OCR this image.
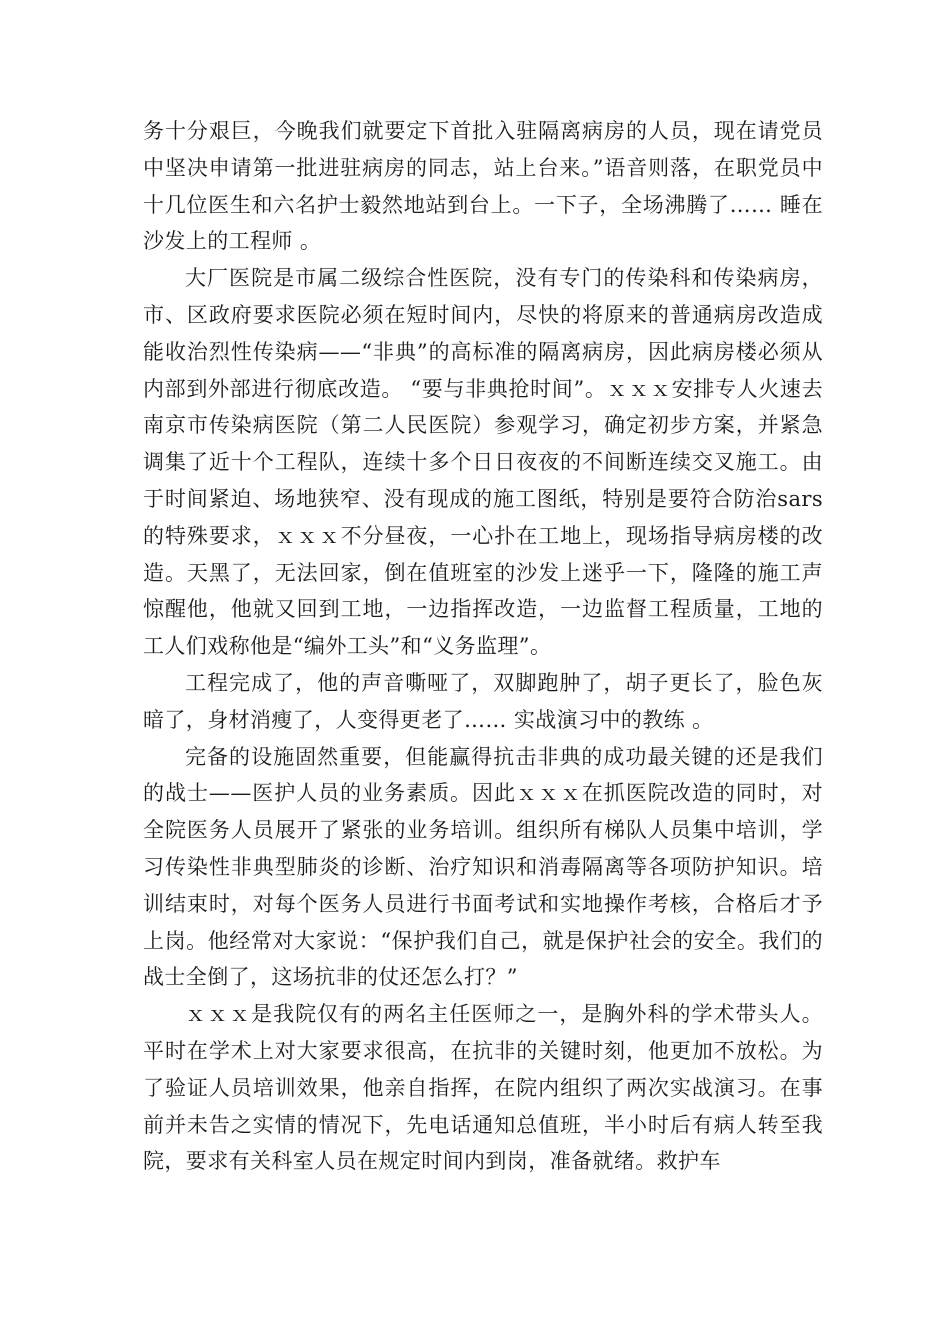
务十分艰巨，今晚我们就要定下首批入驻隔离病房的人员，现在请党员中坚决申请第一批进驻病房的同志，站上台来。”语音则落，在职党员中十几位医生和六名护士毅然地站到台上。一下子，全场沸腾了…… 睡在沙发上的工程师 。

大厂医院是市属二级综合性医院，没有专门的传染科和传染病房，市、区政府要求医院必须在短时间内，尽快的将原来的普通病房改造成能收治烈性传染病——“非典”的高标准的隔离病房，因此病房楼必须从内部到外部进行彻底改造。 “要与非典抢时间”。ｘｘｘ安排专人火速去南京市传染病医院（第二人民医院）参观学习，确定初步方案，并紧急调集了近十个工程队，连续十多个日日夜夜的不间断连续交叉施工。由于时间紧迫、场地狭窄、没有现成的施工图纸，特别是要符合防治sars的特殊要求，ｘｘｘ不分昼夜，一心扑在工地上，现场指导病房楼的改造。天黑了，无法回家，倒在值班室的沙发上迷乎一下，隆隆的施工声惊醒他，他就又回到工地，一边指挥改造，一边监督工程质量，工地的工人们戏称他是“编外工头”和“义务监理”。

工程完成了，他的声音嘶哑了，双脚跑肿了，胡子更长了，脸色灰暗了，身材消瘦了，人变得更老了…… 实战演习中的教练 。

完备的设施固然重要，但能赢得抗击非典的成功最关键的还是我们的战士——医护人员的业务素质。因此ｘｘｘ在抓医院改造的同时，对全院医务人员展开了紧张的业务培训。组织所有梯队人员集中培训，学习传染性非典型肺炎的诊断、治疗知识和消毒隔离等各项防护知识。培训结束时，对每个医务人员进行书面考试和实地操作考核，合格后才予上岗。他经常对大家说：“保护我们自己，就是保护社会的安全。我们的战士全倒了，这场抗非的仗还怎么打？”

ｘｘｘ是我院仅有的两名主任医师之一，是胸外科的学术带头人。平时在学术上对大家要求很高，在抗非的关键时刻，他更加不放松。为了验证人员培训效果，他亲自指挥，在院内组织了两次实战演习。在事前并未告之实情的情况下，先电话通知总值班，半小时后有病人转至我院，要求有关科室人员在规定时间内到岗，准备就绪。救护车
